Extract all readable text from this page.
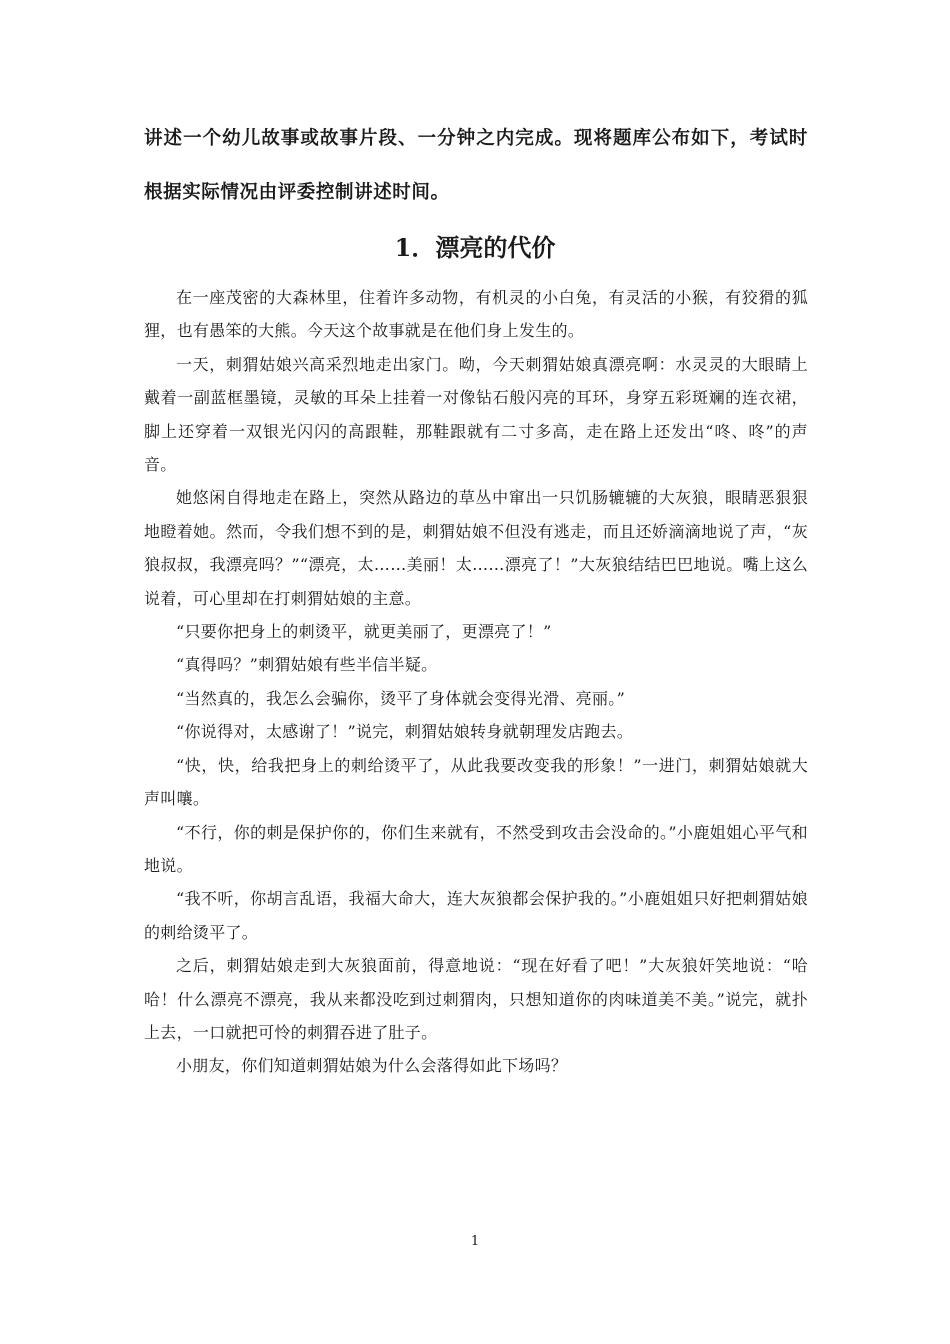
讲述一个幼儿故事或故事片段、一分钟之内完成。现将题库公布如下，考试时根据实际情况由评委控制讲述时间。

1．漂亮的代价

在一座茂密的大森林里，住着许多动物，有机灵的小白兔，有灵活的小猴，有狡猾的狐狸，也有愚笨的大熊。今天这个故事就是在他们身上发生的。

一天，刺猬姑娘兴高采烈地走出家门。呦，今天刺猬姑娘真漂亮啊：水灵灵的大眼睛上戴着一副蓝框墨镜，灵敏的耳朵上挂着一对像钻石般闪亮的耳环，身穿五彩斑斓的连衣裙，脚上还穿着一双银光闪闪的高跟鞋，那鞋跟就有二寸多高，走在路上还发出“咚、咚”的声音。

她悠闲自得地走在路上，突然从路边的草丛中窜出一只饥肠辘辘的大灰狼，眼睛恶狠狠地瞪着她。然而，令我们想不到的是，刺猬姑娘不但没有逃走，而且还娇滴滴地说了声，“灰狼叔叔，我漂亮吗？”“漂亮，太……美丽！太……漂亮了！”大灰狼结结巴巴地说。嘴上这么说着，可心里却在打刺猬姑娘的主意。

“只要你把身上的刺烫平，就更美丽了，更漂亮了！”

“真得吗？”刺猬姑娘有些半信半疑。

“当然真的，我怎么会骗你，烫平了身体就会变得光滑、亮丽。”

“你说得对，太感谢了！”说完，刺猬姑娘转身就朝理发店跑去。

“快，快，给我把身上的刺给烫平了，从此我要改变我的形象！”一进门，刺猬姑娘就大声叫嚷。

“不行，你的刺是保护你的，你们生来就有，不然受到攻击会没命的。”小鹿姐姐心平气和地说。

“我不听，你胡言乱语，我福大命大，连大灰狼都会保护我的。”小鹿姐姐只好把刺猬姑娘的刺给烫平了。

之后，刺猬姑娘走到大灰狼面前，得意地说：“现在好看了吧！”大灰狼奸笑地说：“哈哈！什么漂亮不漂亮，我从来都没吃到过刺猬肉，只想知道你的肉味道美不美。”说完，就扑上去，一口就把可怜的刺猬吞进了肚子。

小朋友，你们知道刺猬姑娘为什么会落得如此下场吗？

1
